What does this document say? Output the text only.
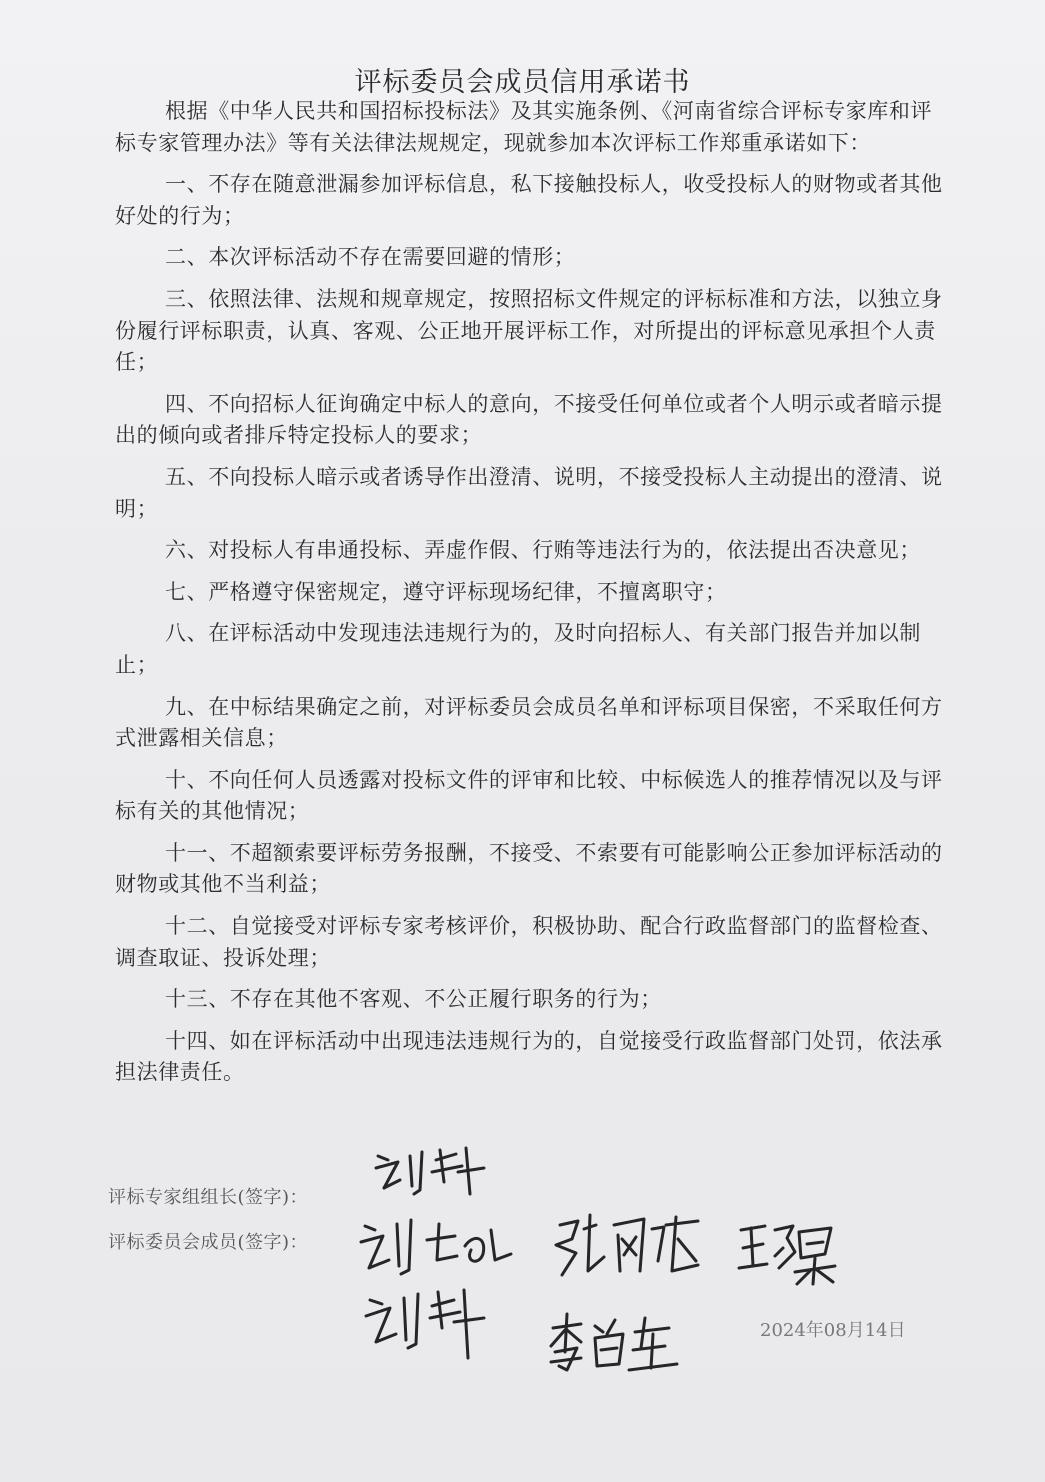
评标委员会成员信用承诺书

根据《中华人民共和国招标投标法》及其实施条例、《河南省综合评标专家库和评标专家管理办法》等有关法律法规规定，现就参加本次评标工作郑重承诺如下：

一、不存在随意泄漏参加评标信息，私下接触投标人，收受投标人的财物或者其他好处的行为；

二、本次评标活动不存在需要回避的情形；

三、依照法律、法规和规章规定，按照招标文件规定的评标标准和方法，以独立身份履行评标职责，认真、客观、公正地开展评标工作，对所提出的评标意见承担个人责任；

四、不向招标人征询确定中标人的意向，不接受任何单位或者个人明示或者暗示提出的倾向或者排斥特定投标人的要求；

五、不向投标人暗示或者诱导作出澄清、说明，不接受投标人主动提出的澄清、说明；

六、对投标人有串通投标、弄虚作假、行贿等违法行为的，依法提出否决意见；

七、严格遵守保密规定，遵守评标现场纪律，不擅离职守；

八、在评标活动中发现违法违规行为的，及时向招标人、有关部门报告并加以制止；

九、在中标结果确定之前，对评标委员会成员名单和评标项目保密，不采取任何方式泄露相关信息；

十、不向任何人员透露对投标文件的评审和比较、中标候选人的推荐情况以及与评标有关的其他情况；

十一、不超额索要评标劳务报酬，不接受、不索要有可能影响公正参加评标活动的财物或其他不当利益；

十二、自觉接受对评标专家考核评价，积极协助、配合行政监督部门的监督检查、调查取证、投诉处理；

十三、不存在其他不客观、不公正履行职务的行为；

十四、如在评标活动中出现违法违规行为的，自觉接受行政监督部门处罚，依法承担法律责任。

评标专家组组长(签字)：
评标委员会成员(签字)：
2024年08月14日
